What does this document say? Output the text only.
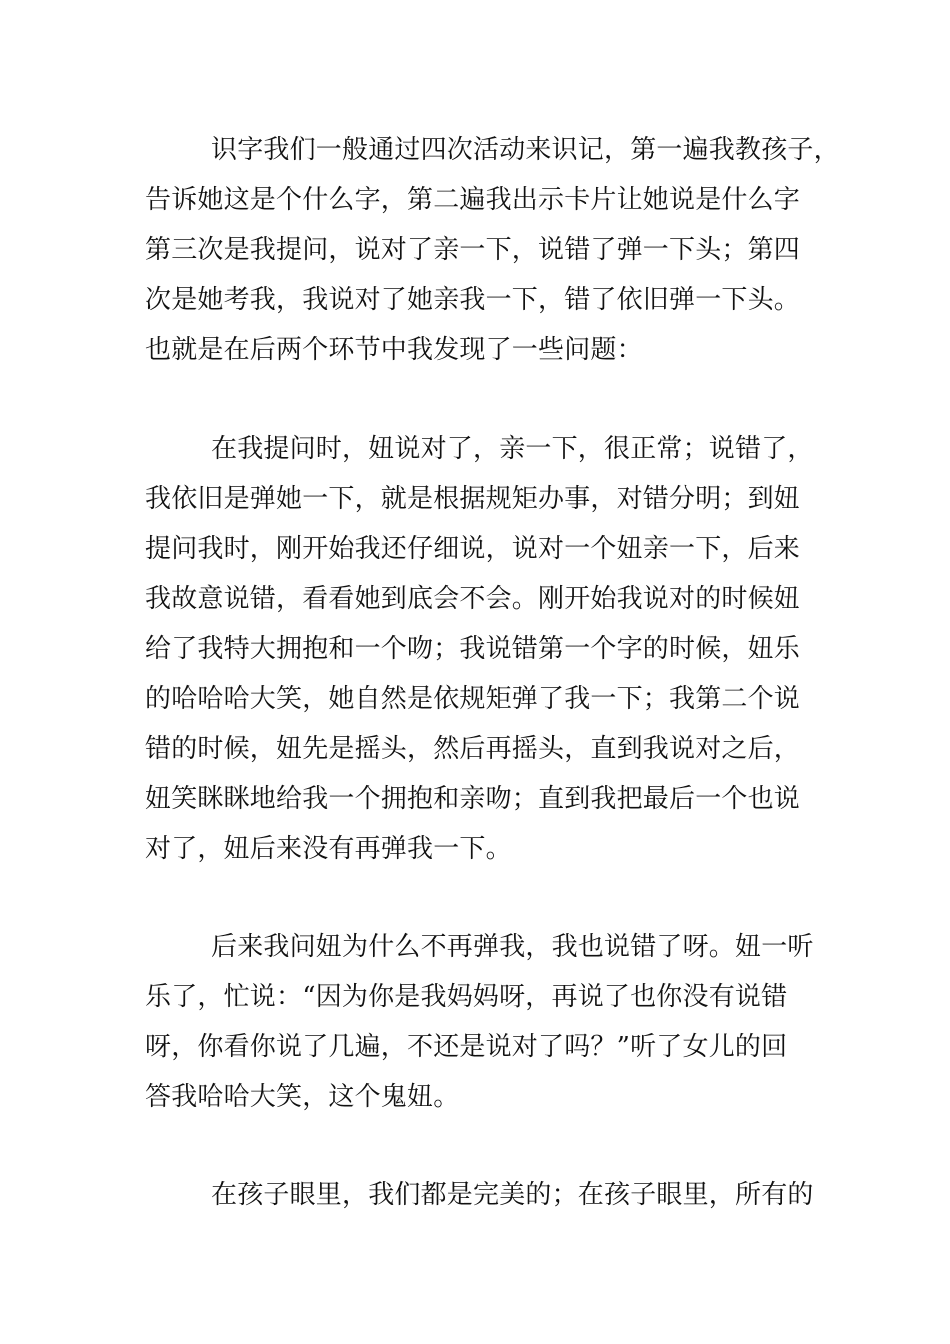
识字我们一般通过四次活动来识记，第一遍我教孩子，
告诉她这是个什么字，第二遍我出示卡片让她说是什么字
第三次是我提问，说对了亲一下，说错了弹一下头；第四
次是她考我，我说对了她亲我一下，错了依旧弹一下头。
也就是在后两个环节中我发现了一些问题：
在我提问时，妞说对了，亲一下，很正常；说错了，
我依旧是弹她一下，就是根据规矩办事，对错分明；到妞
提问我时，刚开始我还仔细说，说对一个妞亲一下，后来
我故意说错，看看她到底会不会。刚开始我说对的时候妞
给了我特大拥抱和一个吻；我说错第一个字的时候，妞乐
的哈哈哈大笑，她自然是依规矩弹了我一下；我第二个说
错的时候，妞先是摇头，然后再摇头，直到我说对之后，
妞笑眯眯地给我一个拥抱和亲吻；直到我把最后一个也说
对了，妞后来没有再弹我一下。
后来我问妞为什么不再弹我，我也说错了呀。妞一听
乐了，忙说：“因为你是我妈妈呀，再说了也你没有说错
呀，你看你说了几遍，不还是说对了吗？”听了女儿的回
答我哈哈大笑，这个鬼妞。
在孩子眼里，我们都是完美的；在孩子眼里，所有的
